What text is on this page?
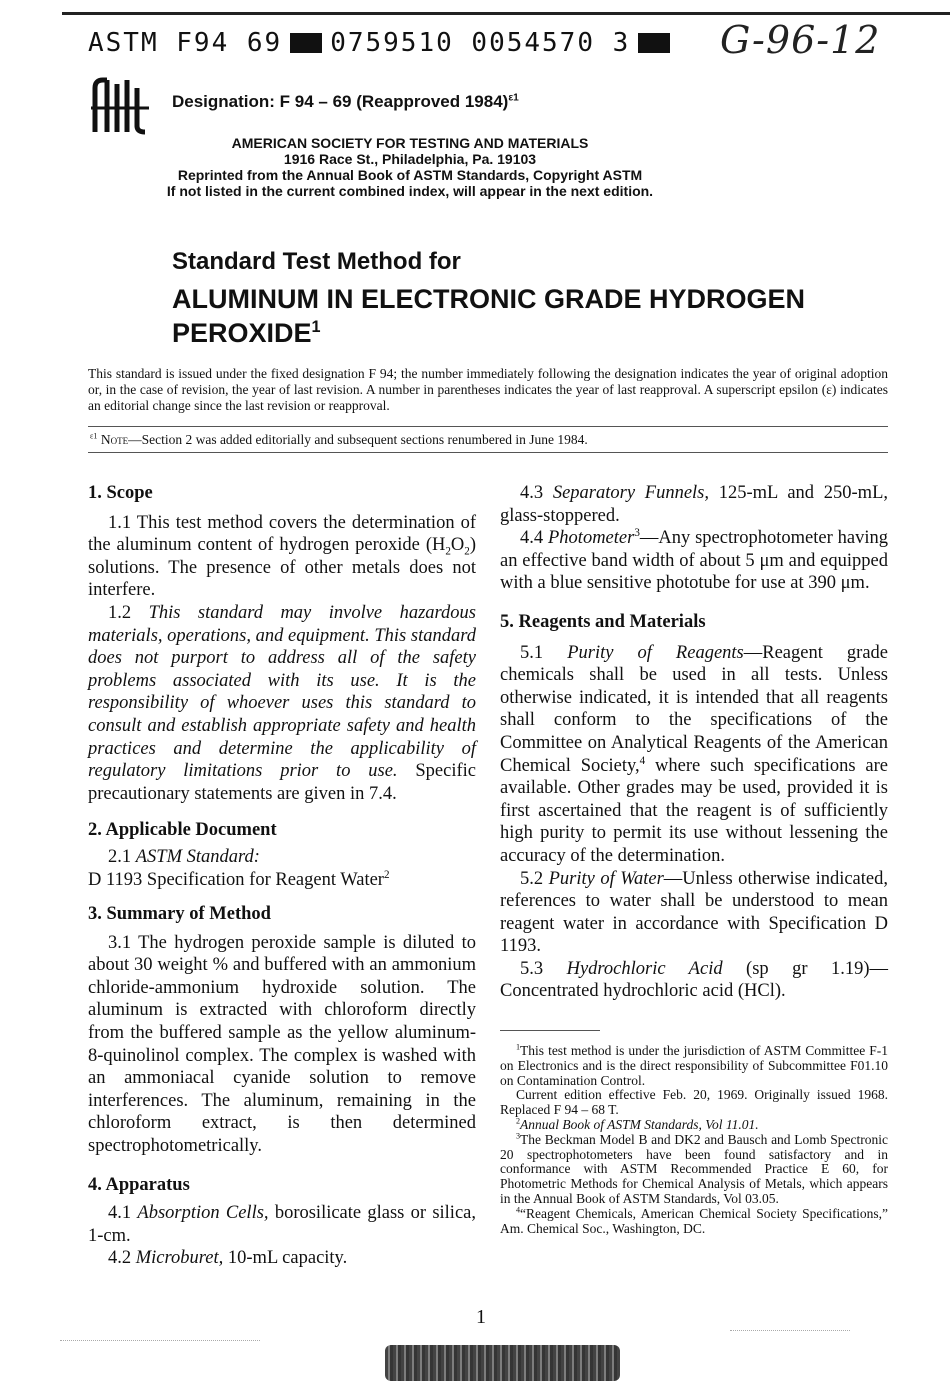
ASTM F94 69 0759510 0054570 3	G-96-12
Designation: F 94 – 69 (Reapproved 1984)$^{\varepsilon 1}$
AMERICAN SOCIETY FOR TESTING AND MATERIALS
1916 Race St., Philadelphia, Pa. 19103
Reprinted from the Annual Book of ASTM Standards, Copyright ASTM
If not listed in the current combined index, will appear in the next edition.
Standard Test Method for
ALUMINUM IN ELECTRONIC GRADE HYDROGEN PEROXIDE$^1$
This standard is issued under the fixed designation F 94; the number immediately following the designation indicates the year of original adoption or, in the case of revision, the year of last revision. A number in parentheses indicates the year of last reapproval. A superscript epsilon (ε) indicates an editorial change since the last revision or reapproval.
$^{\varepsilon 1}$ Note—Section 2 was added editorially and subsequent sections renumbered in June 1984.
1. Scope

1.1 This test method covers the determination of the aluminum content of hydrogen peroxide $(H_2O_2)$ solutions. The presence of other metals does not interfere.

1.2 This standard may involve hazardous materials, operations, and equipment. This standard does not purport to address all of the safety problems associated with its use. It is the responsibility of whoever uses this standard to consult and establish appropriate safety and health practices and determine the applicability of regulatory limitations prior to use. Specific precautionary statements are given in 7.4.

2. Applicable Document

2.1 ASTM Standard:

D 1193 Specification for Reagent Water$^2$

3. Summary of Method

3.1 The hydrogen peroxide sample is diluted to about 30 weight % and buffered with an ammonium chloride-ammonium hydroxide solution. The aluminum is extracted with chloroform directly from the buffered sample as the yellow aluminum-8-quinolinol complex. The complex is washed with an ammoniacal cyanide solution to remove interferences. The aluminum, remaining in the chloroform extract, is then determined spectrophotometrically.

4. Apparatus

4.1 Absorption Cells, borosilicate glass or silica, 1-cm.

4.2 Microburet, 10-mL capacity.

4.3 Separatory Funnels, 125-mL and 250-mL, glass-stoppered.

4.4 Photometer$^3$—Any spectrophotometer having an effective band width of about 5 μm and equipped with a blue sensitive phototube for use at 390 μm.

5. Reagents and Materials

5.1 Purity of Reagents—Reagent grade chemicals shall be used in all tests. Unless otherwise indicated, it is intended that all reagents shall conform to the specifications of the Committee on Analytical Reagents of the American Chemical Society,$^4$ where such specifications are available. Other grades may be used, provided it is first ascertained that the reagent is of sufficiently high purity to permit its use without lessening the accuracy of the determination.

5.2 Purity of Water—Unless otherwise indicated, references to water shall be understood to mean reagent water in accordance with Specification D 1193.

5.3 Hydrochloric Acid (sp gr 1.19)—Concentrated hydrochloric acid (HCl).

$^1$This test method is under the jurisdiction of ASTM Committee F-1 on Electronics and is the direct responsibility of Subcommittee F01.10 on Contamination Control.

Current edition effective Feb. 20, 1969. Originally issued 1968. Replaced F 94 – 68 T.

$^2$Annual Book of ASTM Standards, Vol 11.01.

$^3$The Beckman Model B and DK2 and Bausch and Lomb Spectronic 20 spectrophotometers have been found satisfactory and in conformance with ASTM Recommended Practice E 60, for Photometric Methods for Chemical Analysis of Metals, which appears in the Annual Book of ASTM Standards, Vol 03.05.

$^4$“Reagent Chemicals, American Chemical Society Specifications,” Am. Chemical Soc., Washington, DC.

1
